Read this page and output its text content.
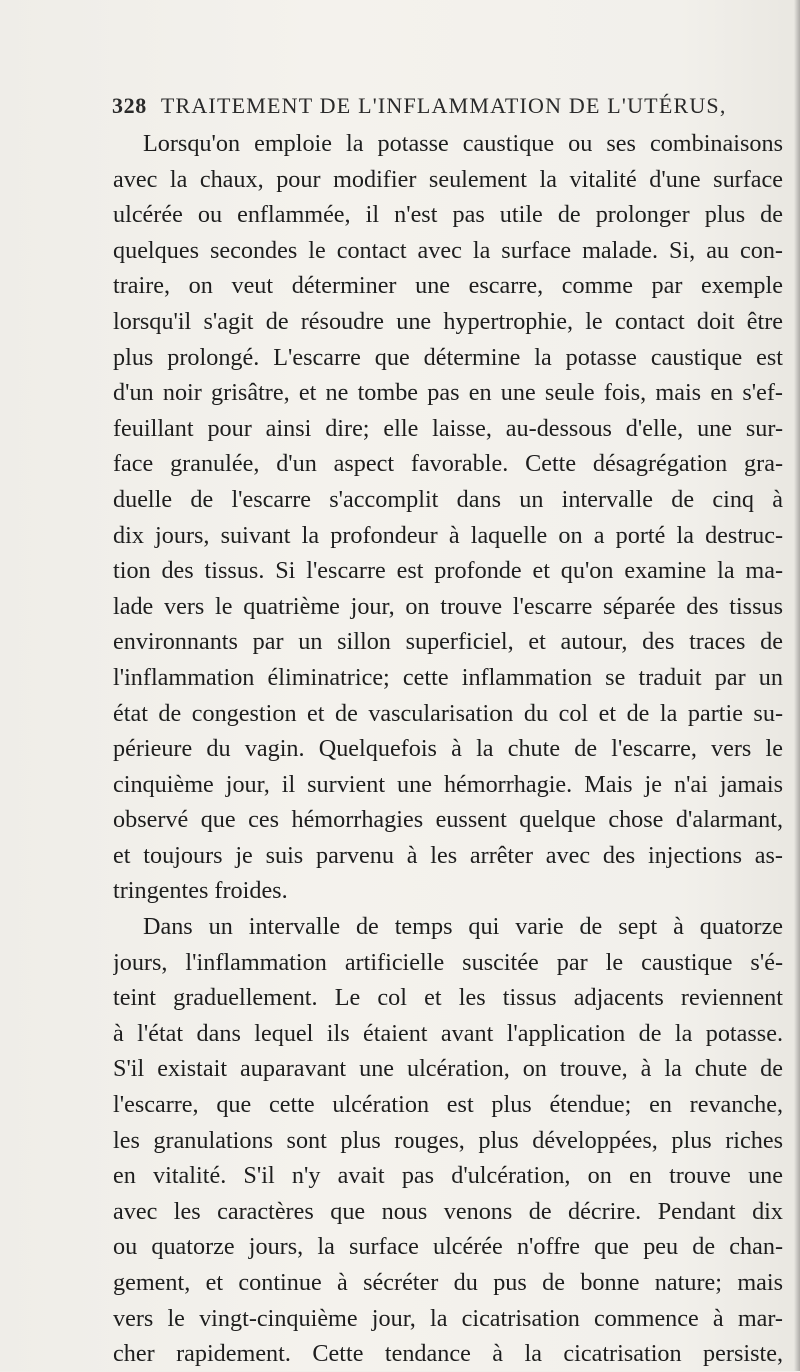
328 TRAITEMENT DE L'INFLAMMATION DE L'UTÉRUS,
Lorsqu'on emploie la potasse caustique ou ses combinaisons
avec la chaux, pour modifier seulement la vitalité d'une surface
ulcérée ou enflammée, il n'est pas utile de prolonger plus de
quelques secondes le contact avec la surface malade. Si, au con-
traire, on veut déterminer une escarre, comme par exemple
lorsqu'il s'agit de résoudre une hypertrophie, le contact doit être
plus prolongé. L'escarre que détermine la potasse caustique est
d'un noir grisâtre, et ne tombe pas en une seule fois, mais en s'ef-
feuillant pour ainsi dire; elle laisse, au-dessous d'elle, une sur-
face granulée, d'un aspect favorable. Cette désagrégation gra-
duelle de l'escarre s'accomplit dans un intervalle de cinq à
dix jours, suivant la profondeur à laquelle on a porté la destruc-
tion des tissus. Si l'escarre est profonde et qu'on examine la ma-
lade vers le quatrième jour, on trouve l'escarre séparée des tissus
environnants par un sillon superficiel, et autour, des traces de
l'inflammation éliminatrice; cette inflammation se traduit par un
état de congestion et de vascularisation du col et de la partie su-
périeure du vagin. Quelquefois à la chute de l'escarre, vers le
cinquième jour, il survient une hémorrhagie. Mais je n'ai jamais
observé que ces hémorrhagies eussent quelque chose d'alarmant,
et toujours je suis parvenu à les arrêter avec des injections as-
tringentes froides.
Dans un intervalle de temps qui varie de sept à quatorze
jours, l'inflammation artificielle suscitée par le caustique s'é-
teint graduellement. Le col et les tissus adjacents reviennent
à l'état dans lequel ils étaient avant l'application de la potasse.
S'il existait auparavant une ulcération, on trouve, à la chute de
l'escarre, que cette ulcération est plus étendue; en revanche,
les granulations sont plus rouges, plus développées, plus riches
en vitalité. S'il n'y avait pas d'ulcération, on en trouve une
avec les caractères que nous venons de décrire. Pendant dix
ou quatorze jours, la surface ulcérée n'offre que peu de chan-
gement, et continue à sécréter du pus de bonne nature; mais
vers le vingt-cinquième jour, la cicatrisation commence à mar-
cher rapidement. Cette tendance à la cicatrisation persiste,
